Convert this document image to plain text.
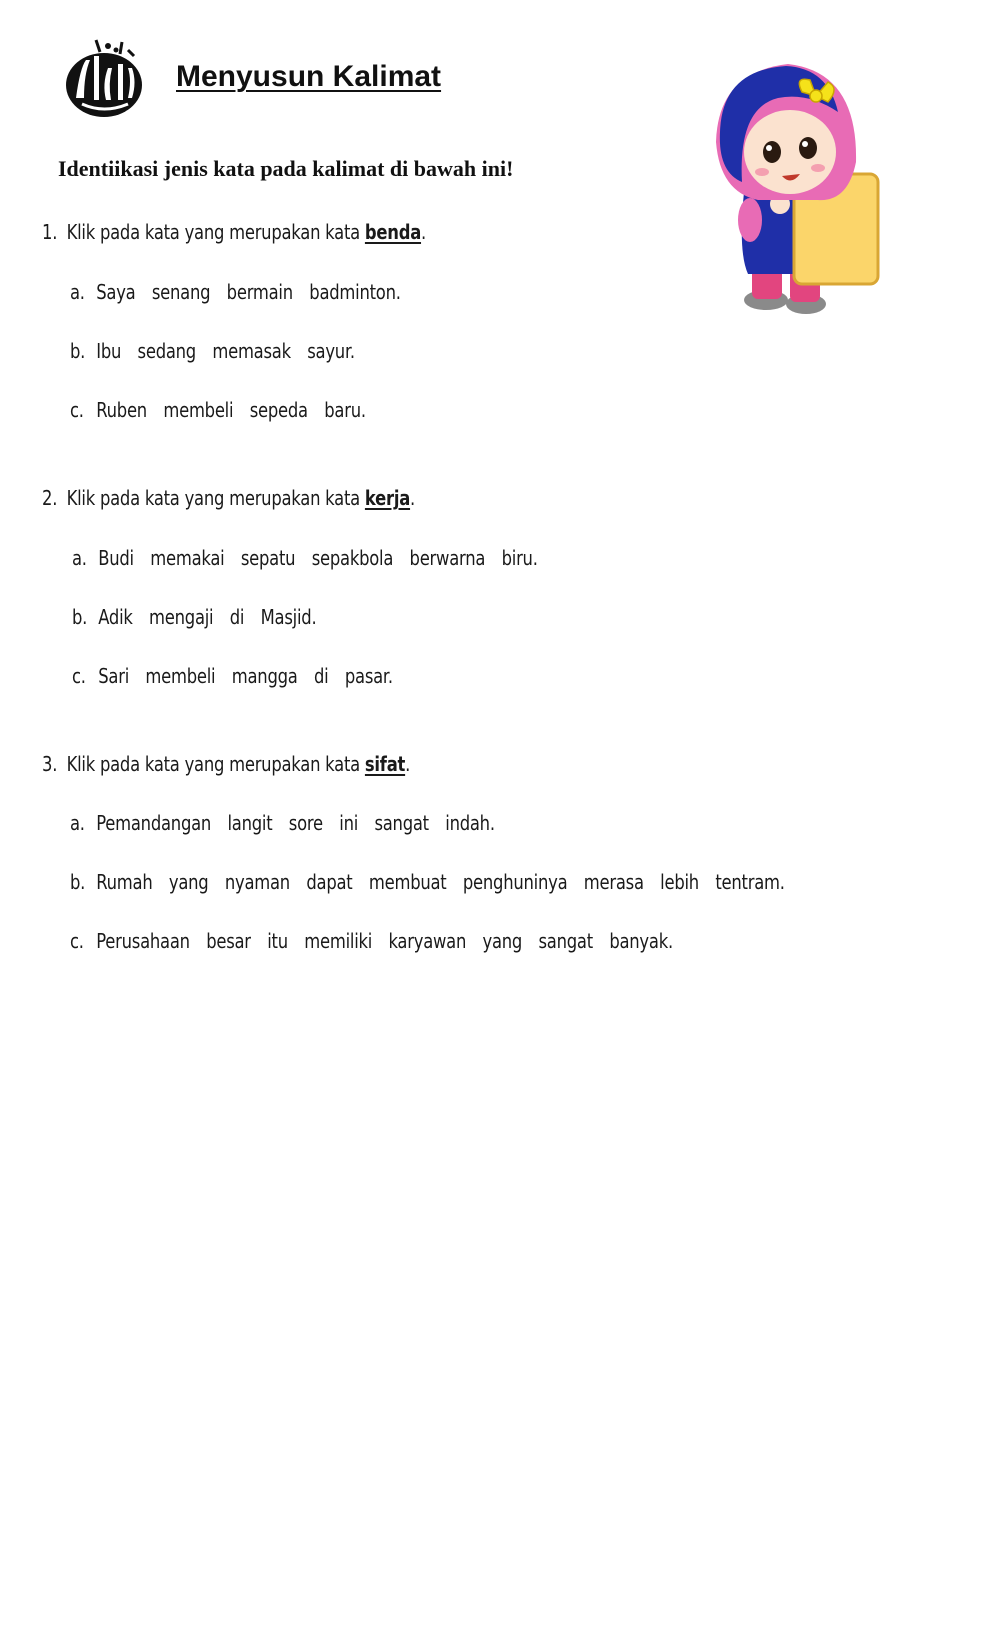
Menyusun Kalimat

Identiikasi jenis kata pada kalimat di bawah ini!

1. Klik pada kata yang merupakan kata benda.
a. Saya senang bermain badminton.
b. Ibu sedang memasak sayur.
c. Ruben membeli sepeda baru.
2. Klik pada kata yang merupakan kata kerja.
a. Budi memakai sepatu sepakbola berwarna biru.
b. Adik mengaji di Masjid.
c. Sari membeli mangga di pasar.
3. Klik pada kata yang merupakan kata sifat.
a. Pemandangan langit sore ini sangat indah.
b. Rumah yang nyaman dapat membuat penghuninya merasa lebih tentram.
c. Perusahaan besar itu memiliki karyawan yang sangat banyak.
